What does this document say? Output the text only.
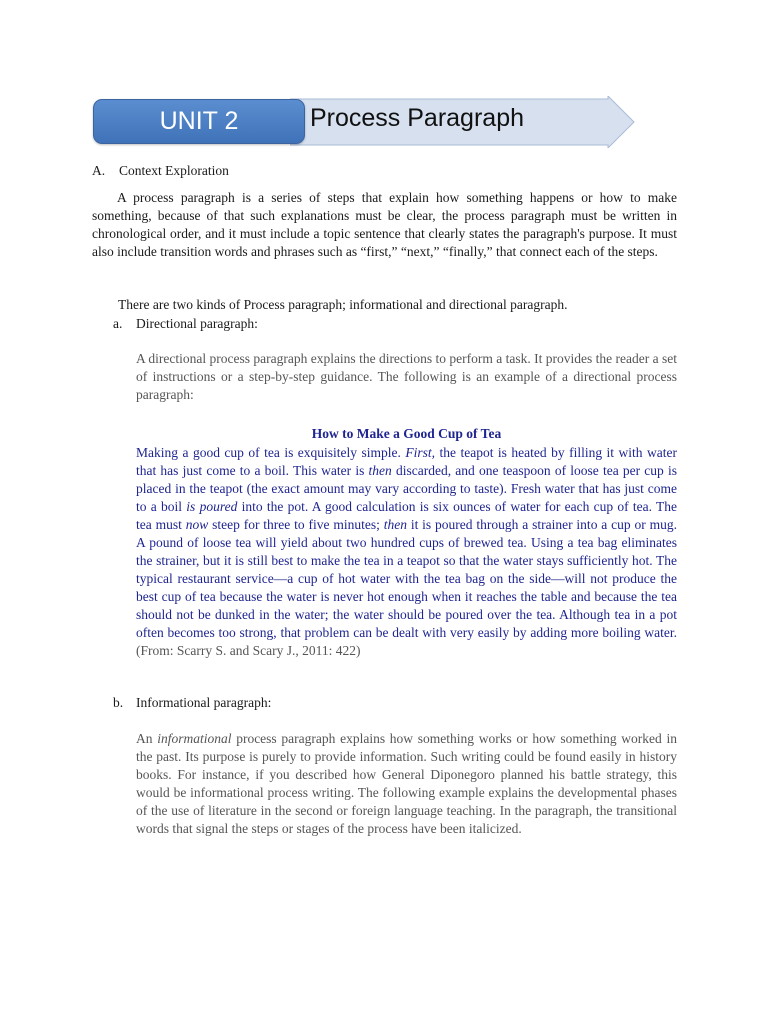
UNIT 2	Process Paragraph
A. Context Exploration
A process paragraph is a series of steps that explain how something happens or how to make something, because of that such explanations must be clear, the process paragraph must be written in chronological order, and it must include a topic sentence that clearly states the paragraph's purpose. It must also include transition words and phrases such as “first,” “next,” “finally,” that connect each of the steps.
There are two kinds of Process paragraph; informational and directional paragraph.
a. Directional paragraph:
A directional process paragraph explains the directions to perform a task. It provides the reader a set of instructions or a step-by-step guidance. The following is an example of a directional process paragraph:
How to Make a Good Cup of Tea
Making a good cup of tea is exquisitely simple. First, the teapot is heated by filling it with water that has just come to a boil. This water is then discarded, and one teaspoon of loose tea per cup is placed in the teapot (the exact amount may vary according to taste). Fresh water that has just come to a boil is poured into the pot. A good calculation is six ounces of water for each cup of tea. The tea must now steep for three to five minutes; then it is poured through a strainer into a cup or mug. A pound of loose tea will yield about two hundred cups of brewed tea. Using a tea bag eliminates the strainer, but it is still best to make the tea in a teapot so that the water stays sufficiently hot. The typical restaurant service—a cup of hot water with the tea bag on the side—will not produce the best cup of tea because the water is never hot enough when it reaches the table and because the tea should not be dunked in the water; the water should be poured over the tea. Although tea in a pot often becomes too strong, that problem can be dealt with very easily by adding more boiling water. (From: Scarry S. and Scary J., 2011: 422)
b. Informational paragraph:
An informational process paragraph explains how something works or how something worked in the past. Its purpose is purely to provide information. Such writing could be found easily in history books. For instance, if you described how General Diponegoro planned his battle strategy, this would be informational process writing. The following example explains the developmental phases of the use of literature in the second or foreign language teaching. In the paragraph, the transitional words that signal the steps or stages of the process have been italicized.
